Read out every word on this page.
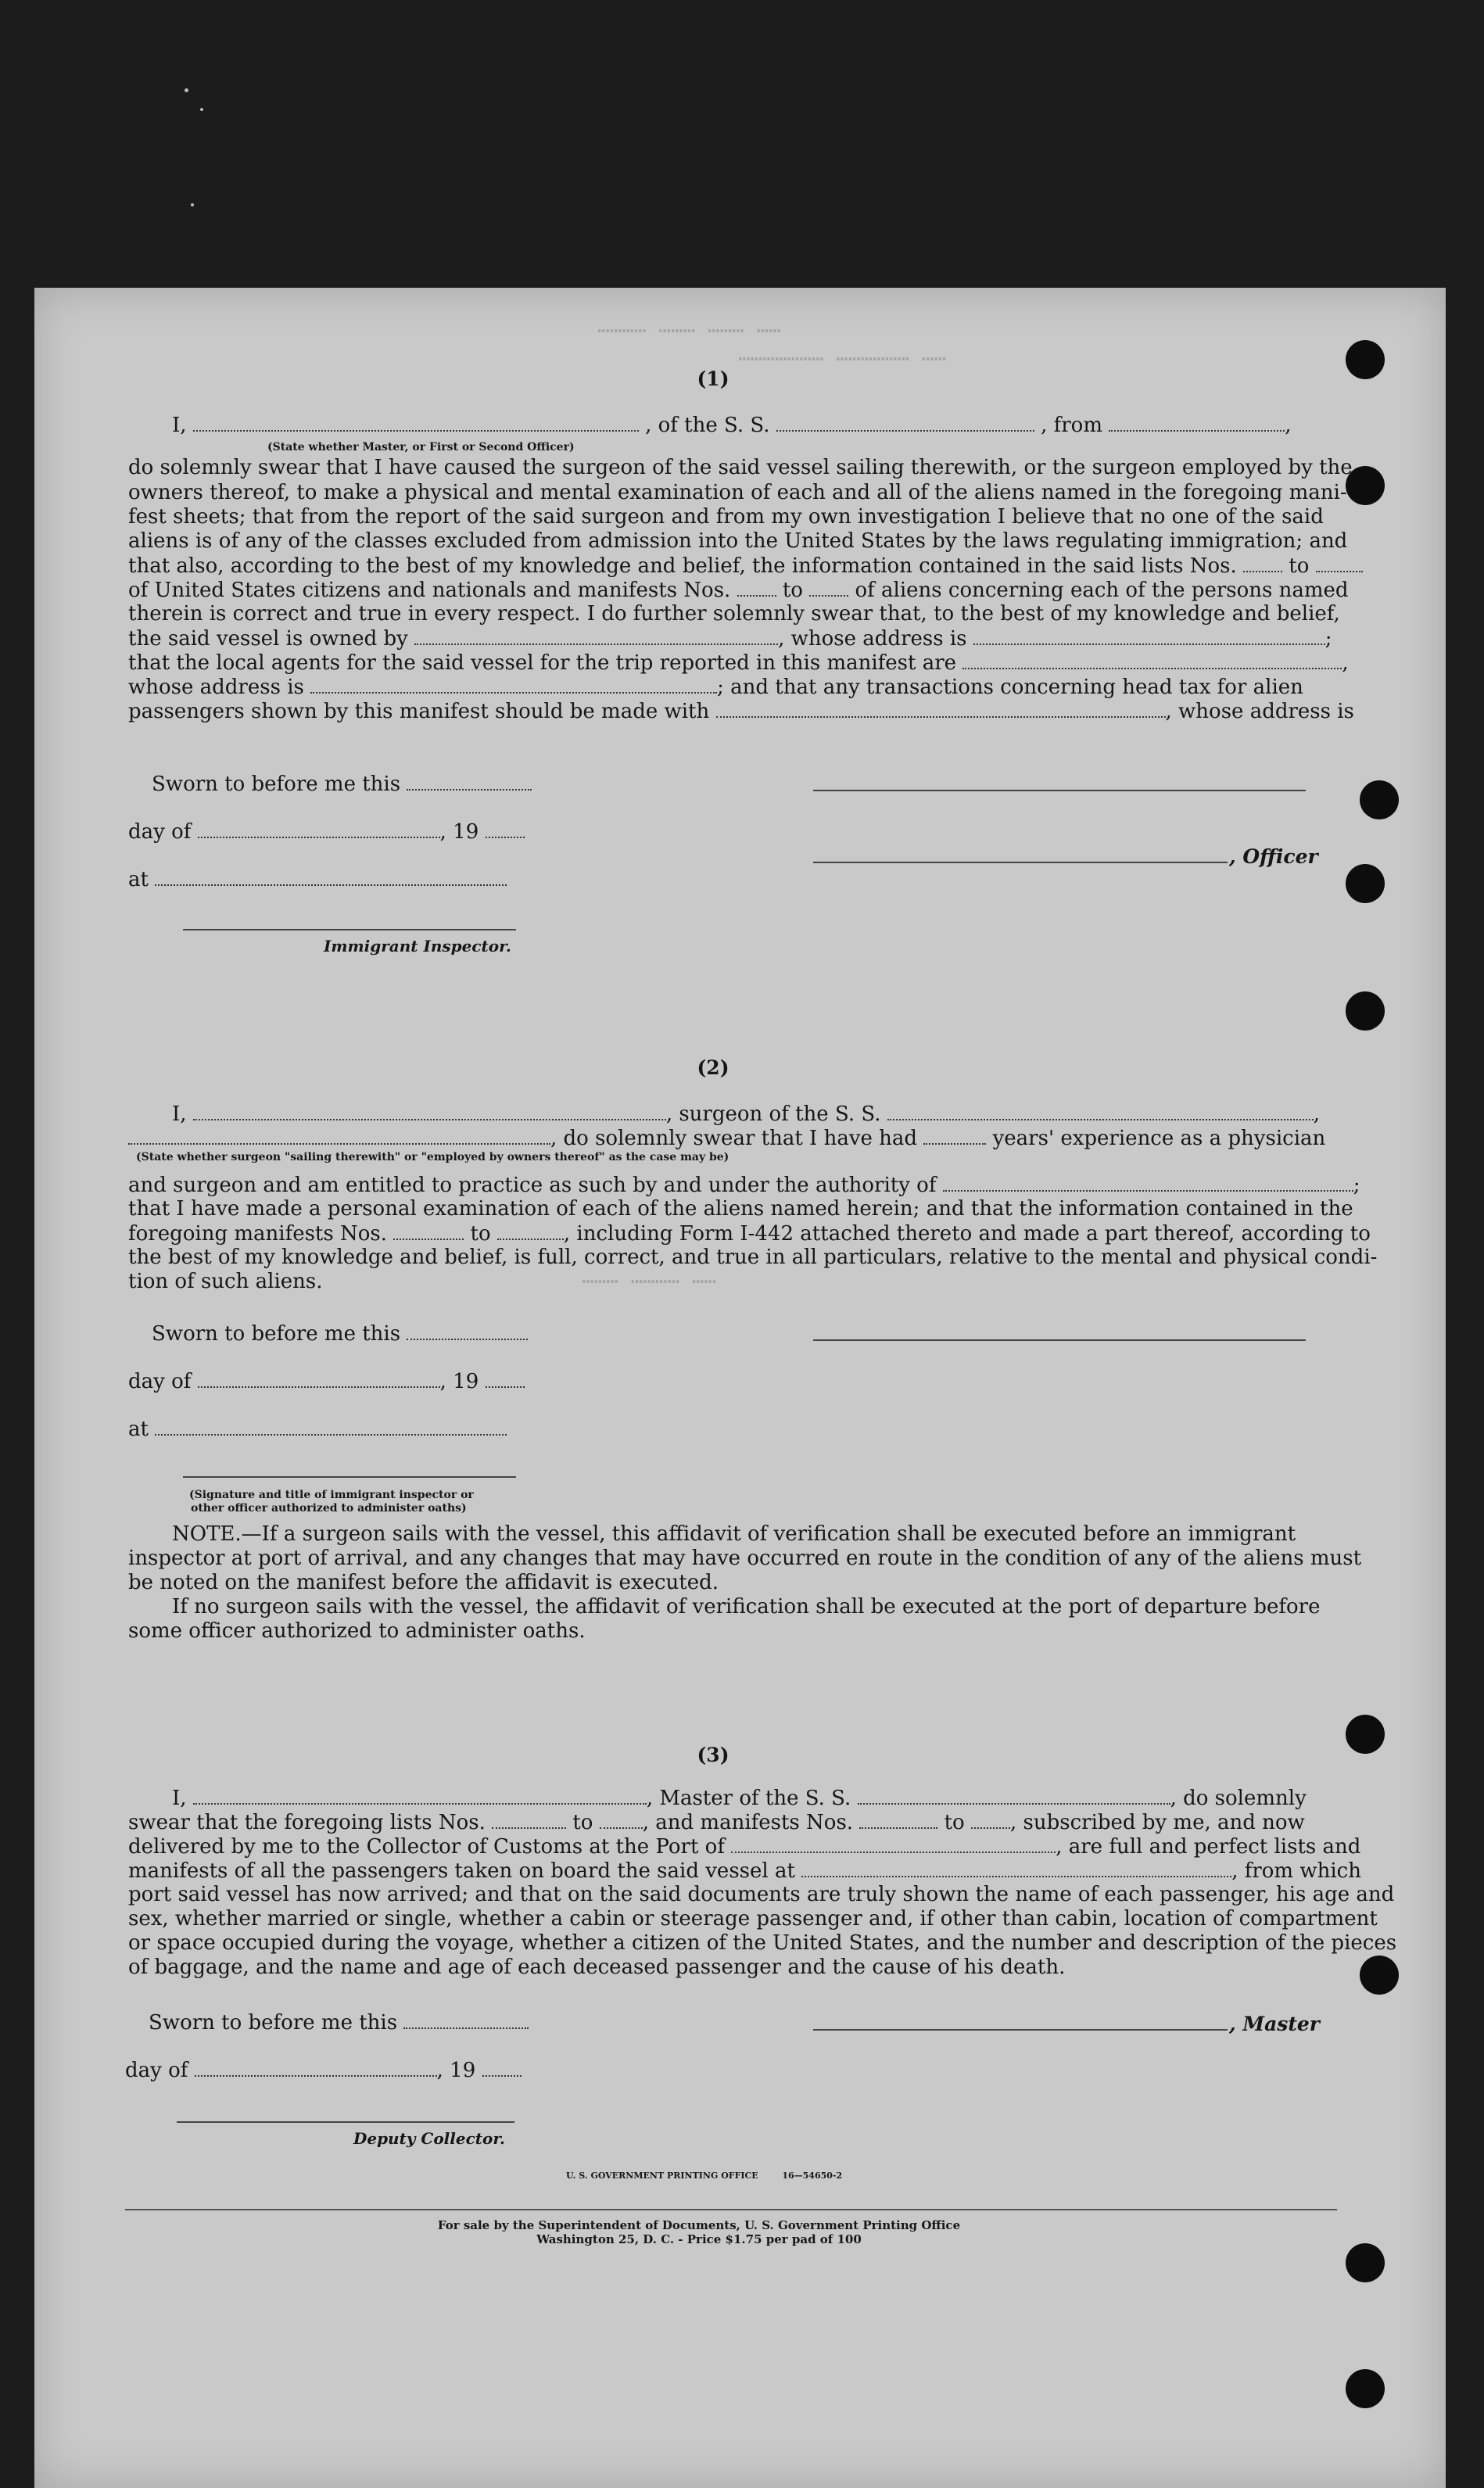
………… ……… ……… ……
………………… ……………… ……
……… ………… ……
(1)
I,	, of the S. S.	, from	,
(State whether Master, or First or Second Officer)
do solemnly swear that I have caused the surgeon of the said vessel sailing therewith, or the surgeon employed by the
owners thereof, to make a physical and mental examination of each and all of the aliens named in the foregoing mani-
fest sheets; that from the report of the said surgeon and from my own investigation I believe that no one of the said
aliens is of any of the classes excluded from admission into the United States by the laws regulating immigration; and
that also, according to the best of my knowledge and belief, the information contained in the said lists Nos.	to
of United States citizens and nationals and manifests Nos.	to	of aliens concerning each of the persons named
therein is correct and true in every respect. I do further solemnly swear that, to the best of my knowledge and belief,
the said vessel is owned by	, whose address is	;
that the local agents for the said vessel for the trip reported in this manifest are	,
whose address is	; and that any transactions concerning head tax for alien
passengers shown by this manifest should be made with	, whose address is
Sworn to before me this
day of	, 19
at
Immigrant Inspector.
, Officer
(2)
I,	, surgeon of the S. S.	,
, do solemnly swear that I have had	years' experience as a physician
(State whether surgeon "sailing therewith" or "employed by owners thereof" as the case may be)
and surgeon and am entitled to practice as such by and under the authority of	;
that I have made a personal examination of each of the aliens named herein; and that the information contained in the
foregoing manifests Nos.	to	, including Form I-442 attached thereto and made a part thereof, according to
the best of my knowledge and belief, is full, correct, and true in all particulars, relative to the mental and physical condi-
tion of such aliens.
Sworn to before me this
day of	, 19
at
(Signature and title of immigrant inspector or
other officer authorized to administer oaths)
NOTE.—If a surgeon sails with the vessel, this affidavit of verification shall be executed before an immigrant
inspector at port of arrival, and any changes that may have occurred en route in the condition of any of the aliens must
be noted on the manifest before the affidavit is executed.
If no surgeon sails with the vessel, the affidavit of verification shall be executed at the port of departure before
some officer authorized to administer oaths.
(3)
I,	, Master of the S. S.	, do solemnly
swear that the foregoing lists Nos.	to , and manifests Nos.	to , subscribed by me, and now
delivered by me to the Collector of Customs at the Port of	, are full and perfect lists and
manifests of all the passengers taken on board the said vessel at	, from which
port said vessel has now arrived; and that on the said documents are truly shown the name of each passenger, his age and
sex, whether married or single, whether a cabin or steerage passenger and, if other than cabin, location of compartment
or space occupied during the voyage, whether a citizen of the United States, and the number and description of the pieces
of baggage, and the name and age of each deceased passenger and the cause of his death.
Sworn to before me this	, Master
day of	, 19
Deputy Collector.
U. S. GOVERNMENT PRINTING OFFICE        16—54650-2
For sale by the Superintendent of Documents, U. S. Government Printing Office
Washington 25, D. C. - Price $1.75 per pad of 100
